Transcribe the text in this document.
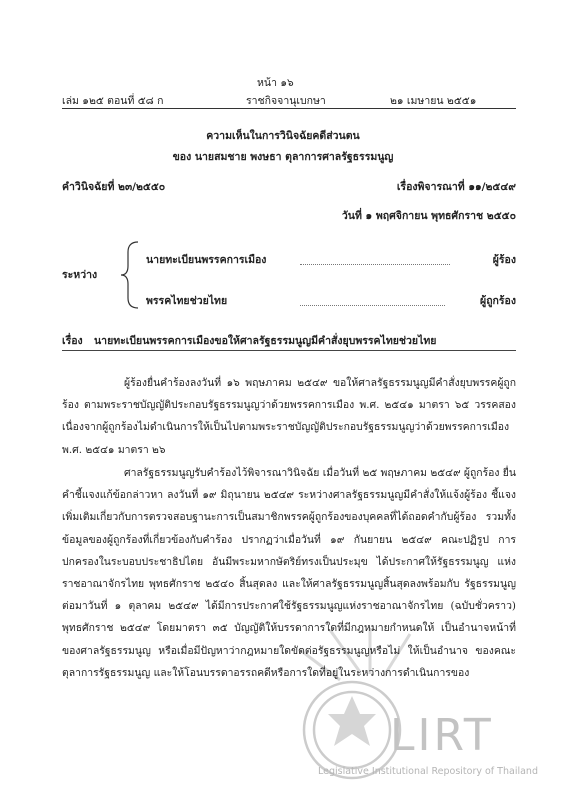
หน้า ๑๖
เล่ม ๑๒๕ ตอนที่ ๕๘ ก	ราชกิจจานุเบกษา	๒๑ เมษายน ๒๕๕๑
ความเห็นในการวินิจฉัยคดีส่วนตน
ของ นายสมชาย พงษธา ตุลาการศาลรัฐธรรมนูญ
คำวินิจฉัยที่ ๒๓/๒๕๕๐	เรื่องพิจารณาที่ ๑๑/๒๕๔๙
วันที่ ๑ พฤศจิกายน พุทธศักราช ๒๕๕๐
ระหว่าง
นายทะเบียนพรรคการเมือง	ผู้ร้อง
พรรคไทยช่วยไทย	ผู้ถูกร้อง
เรื่อง นายทะเบียนพรรคการเมืองขอให้ศาลรัฐธรรมนูญมีคำสั่งยุบพรรคไทยช่วยไทย
LIRT
Legislative Institutional Repository of Thailand
ผู้ร้องยื่นคำร้องลงวันที่ ๑๖ พฤษภาคม ๒๕๔๙ ขอให้ศาลรัฐธรรมนูญมีคำสั่งยุบพรรคผู้ถูกร้อง ตามพระราชบัญญัติประกอบรัฐธรรมนูญว่าด้วยพรรคการเมือง พ.ศ. ๒๕๔๑ มาตรา ๖๕ วรรคสอง เนื่องจากผู้ถูกร้องไม่ดำเนินการให้เป็นไปตามพระราชบัญญัติประกอบรัฐธรรมนูญว่าด้วยพรรคการเมือง พ.ศ. ๒๕๔๑ มาตรา ๒๖
ศาลรัฐธรรมนูญรับคำร้องไว้พิจารณาวินิจฉัย เมื่อวันที่ ๒๕ พฤษภาคม ๒๕๔๙ ผู้ถูกร้อง ยื่นคำชี้แจงแก้ข้อกล่าวหา ลงวันที่ ๑๙ มิถุนายน ๒๕๔๙ ระหว่างศาลรัฐธรรมนูญมีคำสั่งให้แจ้งผู้ร้อง ชี้แจงเพิ่มเติมเกี่ยวกับการตรวจสอบฐานะการเป็นสมาชิกพรรคผู้ถูกร้องของบุคคลที่ได้ถอดคำกับผู้ร้อง รวมทั้งข้อมูลของผู้ถูกร้องที่เกี่ยวข้องกับคำร้อง ปรากฏว่าเมื่อวันที่ ๑๙ กันยายน ๒๕๔๙ คณะปฏิรูป การปกครองในระบอบประชาธิปไตย อันมีพระมหากษัตริย์ทรงเป็นประมุข ได้ประกาศให้รัฐธรรมนูญ แห่งราชอาณาจักรไทย พุทธศักราช ๒๕๔๐ สิ้นสุดลง และให้ศาลรัฐธรรมนูญสิ้นสุดลงพร้อมกับ รัฐธรรมนูญ ต่อมาวันที่ ๑ ตุลาคม ๒๕๔๙ ได้มีการประกาศใช้รัฐธรรมนูญแห่งราชอาณาจักรไทย (ฉบับชั่วคราว) พุทธศักราช ๒๕๔๙ โดยมาตรา ๓๕ บัญญัติให้บรรดาการใดที่มีกฎหมายกำหนดให้ เป็นอำนาจหน้าที่ของศาลรัฐธรรมนูญ หรือเมื่อมีปัญหาว่ากฎหมายใดขัดต่อรัฐธรรมนูญหรือไม่ ให้เป็นอำนาจ ของคณะตุลาการรัฐธรรมนูญ และให้โอนบรรดาอรรถคดีหรือการใดที่อยู่ในระหว่างการดำเนินการของ
